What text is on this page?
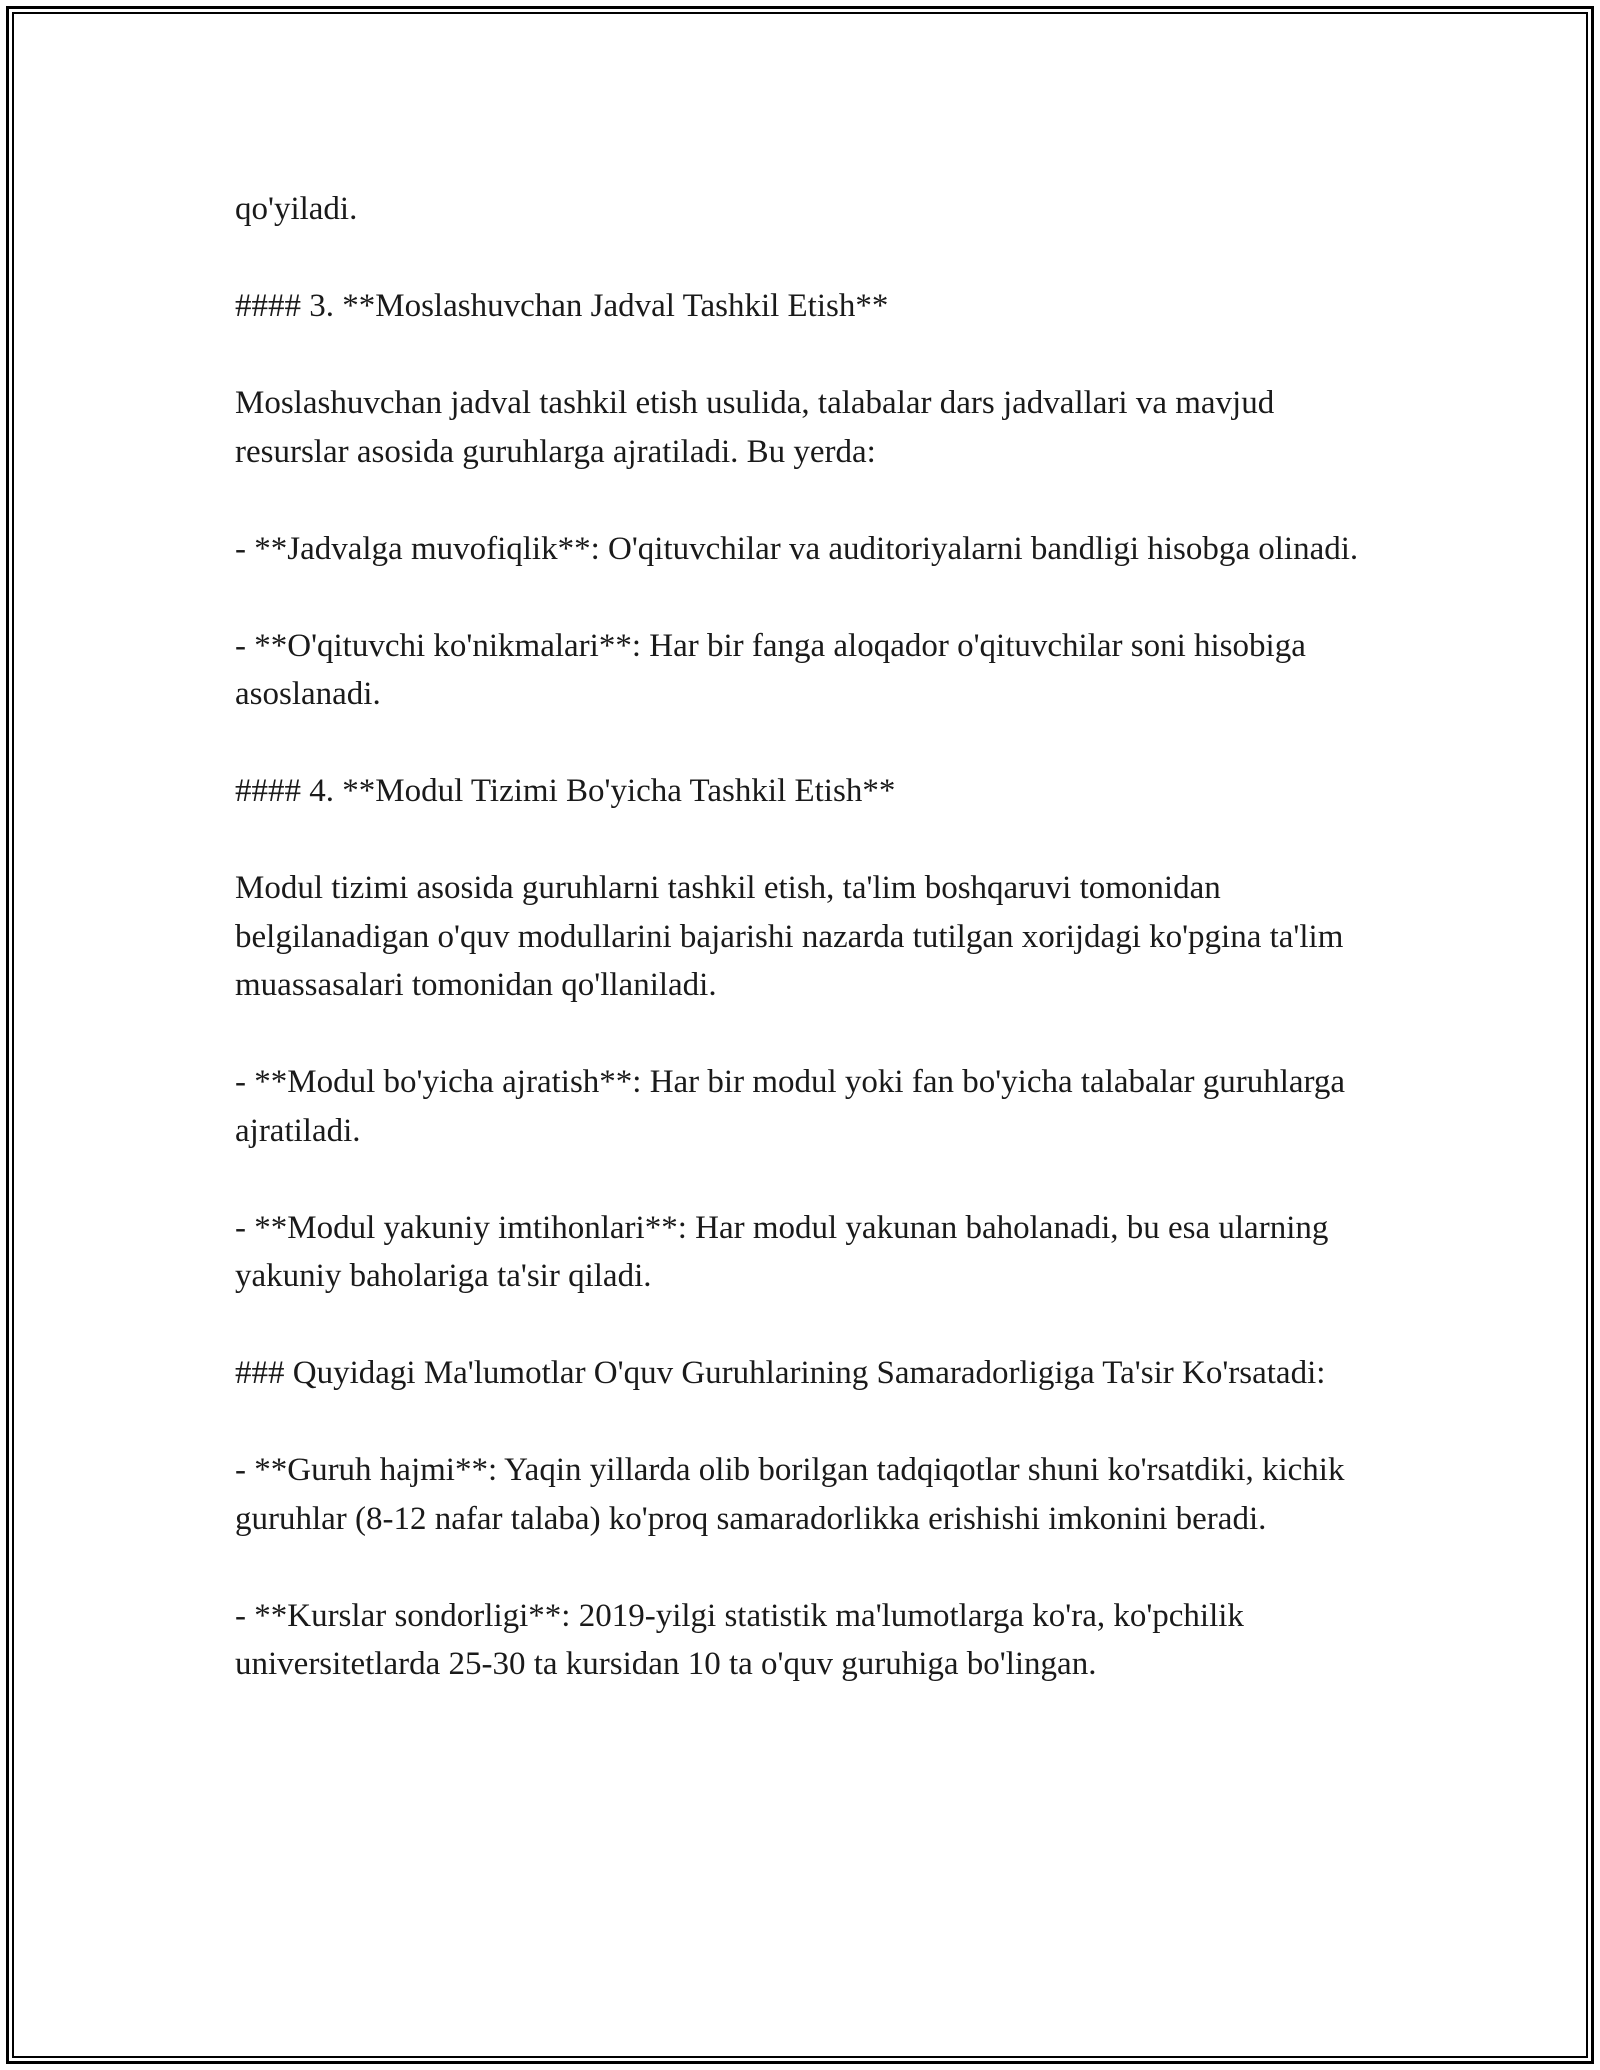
qo'yiladi.

#### 3. **Moslashuvchan Jadval Tashkil Etish**

Moslashuvchan jadval tashkil etish usulida, talabalar dars jadvallari va mavjud resurslar asosida guruhlarga ajratiladi. Bu yerda:

- **Jadvalga muvofiqlik**: O'qituvchilar va auditoriyalarni bandligi hisobga olinadi.

- **O'qituvchi ko'nikmalari**: Har bir fanga aloqador o'qituvchilar soni hisobiga asoslanadi.

#### 4. **Modul Tizimi Bo'yicha Tashkil Etish**

Modul tizimi asosida guruhlarni tashkil etish, ta'lim boshqaruvi tomonidan belgilanadigan o'quv modullarini bajarishi nazarda tutilgan xorijdagi ko'pgina ta'lim muassasalari tomonidan qo'llaniladi.

- **Modul bo'yicha ajratish**: Har bir modul yoki fan bo'yicha talabalar guruhlarga ajratiladi.

- **Modul yakuniy imtihonlari**: Har modul yakunan baholanadi, bu esa ularning yakuniy baholariga ta'sir qiladi.

### Quyidagi Ma'lumotlar O'quv Guruhlarining Samaradorligiga Ta'sir Ko'rsatadi:

- **Guruh hajmi**: Yaqin yillarda olib borilgan tadqiqotlar shuni ko'rsatdiki, kichik guruhlar (8-12 nafar talaba) ko'proq samaradorlikka erishishi imkonini beradi.

- **Kurslar sondorligi**: 2019-yilgi statistik ma'lumotlarga ko'ra, ko'pchilik universitetlarda 25-30 ta kursidan 10 ta o'quv guruhiga bo'lingan.
